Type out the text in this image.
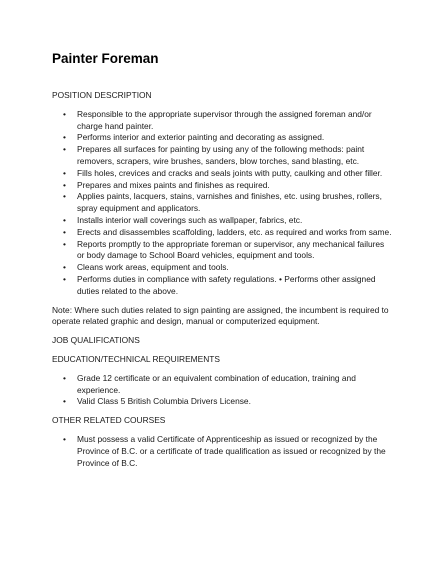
Painter Foreman

POSITION DESCRIPTION

• Responsible to the appropriate supervisor through the assigned foreman and/or charge hand painter.
• Performs interior and exterior painting and decorating as assigned.
• Prepares all surfaces for painting by using any of the following methods: paint removers, scrapers, wire brushes, sanders, blow torches, sand blasting, etc.
• Fills holes, crevices and cracks and seals joints with putty, caulking and other filler.
• Prepares and mixes paints and finishes as required.
• Applies paints, lacquers, stains, varnishes and finishes, etc. using brushes, rollers, spray equipment and applicators.
• Installs interior wall coverings such as wallpaper, fabrics, etc.
• Erects and disassembles scaffolding, ladders, etc. as required and works from same.
• Reports promptly to the appropriate foreman or supervisor, any mechanical failures or body damage to School Board vehicles, equipment and tools.
• Cleans work areas, equipment and tools.
• Performs duties in compliance with safety regulations. • Performs other assigned duties related to the above.

Note: Where such duties related to sign painting are assigned, the incumbent is required to operate related graphic and design, manual or computerized equipment.

JOB QUALIFICATIONS

EDUCATION/TECHNICAL REQUIREMENTS

• Grade 12 certificate or an equivalent combination of education, training and experience.
• Valid Class 5 British Columbia Drivers License.

OTHER RELATED COURSES

• Must possess a valid Certificate of Apprenticeship as issued or recognized by the Province of B.C. or a certificate of trade qualification as issued or recognized by the Province of B.C.
